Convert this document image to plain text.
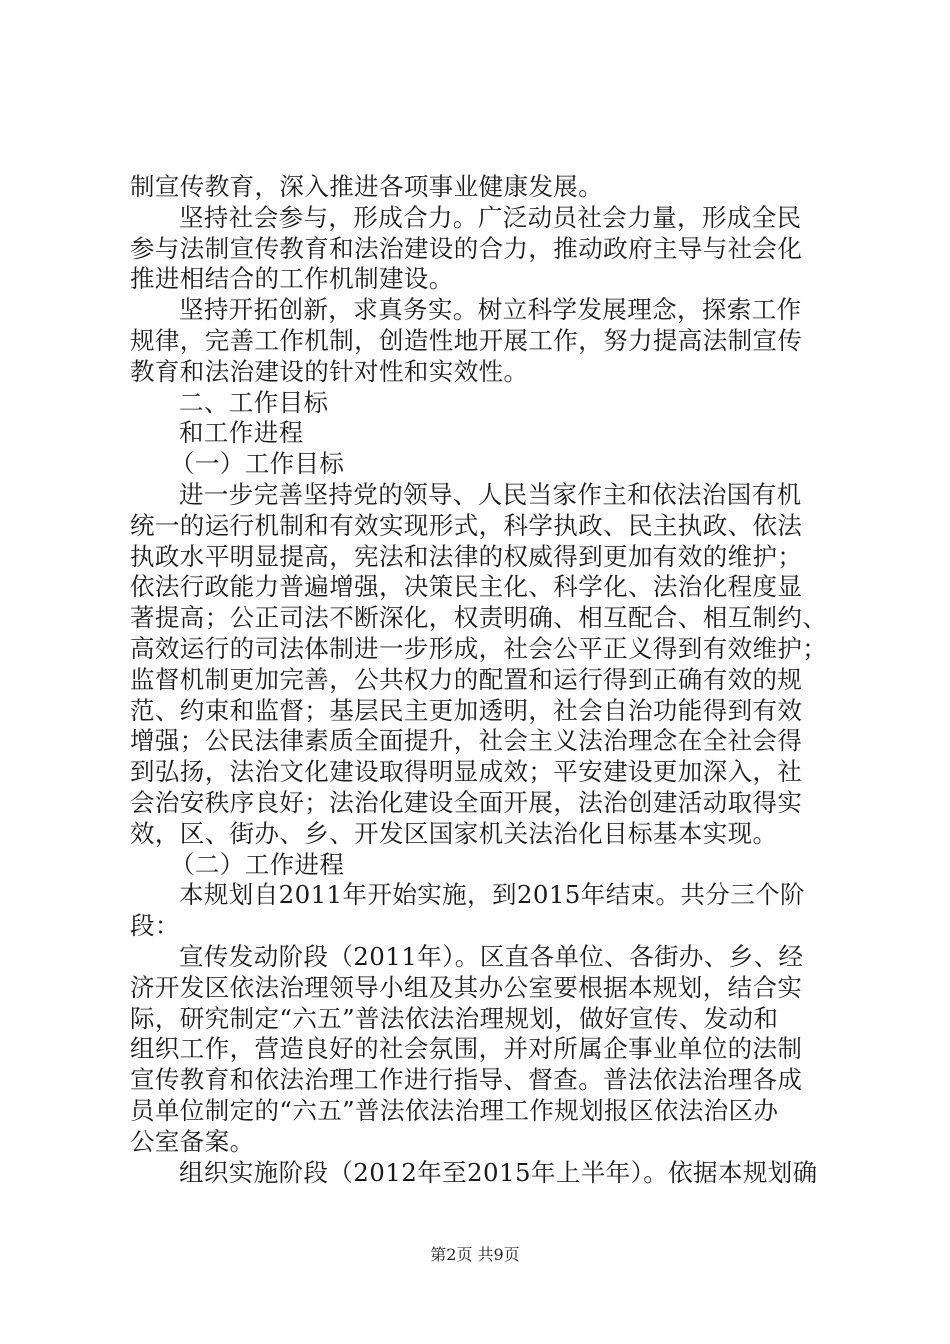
制宣传教育，深入推进各项事业健康发展。
坚持社会参与，形成合力。广泛动员社会力量，形成全民
参与法制宣传教育和法治建设的合力，推动政府主导与社会化
推进相结合的工作机制建设。
坚持开拓创新，求真务实。树立科学发展理念，探索工作
规律，完善工作机制，创造性地开展工作，努力提高法制宣传
教育和法治建设的针对性和实效性。
二、工作目标
和工作进程
（一）工作目标
进一步完善坚持党的领导、人民当家作主和依法治国有机
统一的运行机制和有效实现形式，科学执政、民主执政、依法
执政水平明显提高，宪法和法律的权威得到更加有效的维护；
依法行政能力普遍增强，决策民主化、科学化、法治化程度显
著提高；公正司法不断深化，权责明确、相互配合、相互制约、
高效运行的司法体制进一步形成，社会公平正义得到有效维护；
监督机制更加完善，公共权力的配置和运行得到正确有效的规
范、约束和监督；基层民主更加透明，社会自治功能得到有效
增强；公民法律素质全面提升，社会主义法治理念在全社会得
到弘扬，法治文化建设取得明显成效；平安建设更加深入，社
会治安秩序良好；法治化建设全面开展，法治创建活动取得实
效，区、街办、乡、开发区国家机关法治化目标基本实现。
（二）工作进程
本规划自2011年开始实施，到2015年结束。共分三个阶
段：
宣传发动阶段（2011年）。区直各单位、各街办、乡、经
济开发区依法治理领导小组及其办公室要根据本规划，结合实
际，研究制定“六五”普法依法治理规划，做好宣传、发动和
组织工作，营造良好的社会氛围，并对所属企事业单位的法制
宣传教育和依法治理工作进行指导、督查。普法依法治理各成
员单位制定的“六五”普法依法治理工作规划报区依法治区办
公室备案。
组织实施阶段（2012年至2015年上半年）。依据本规划确
第2页 共9页
